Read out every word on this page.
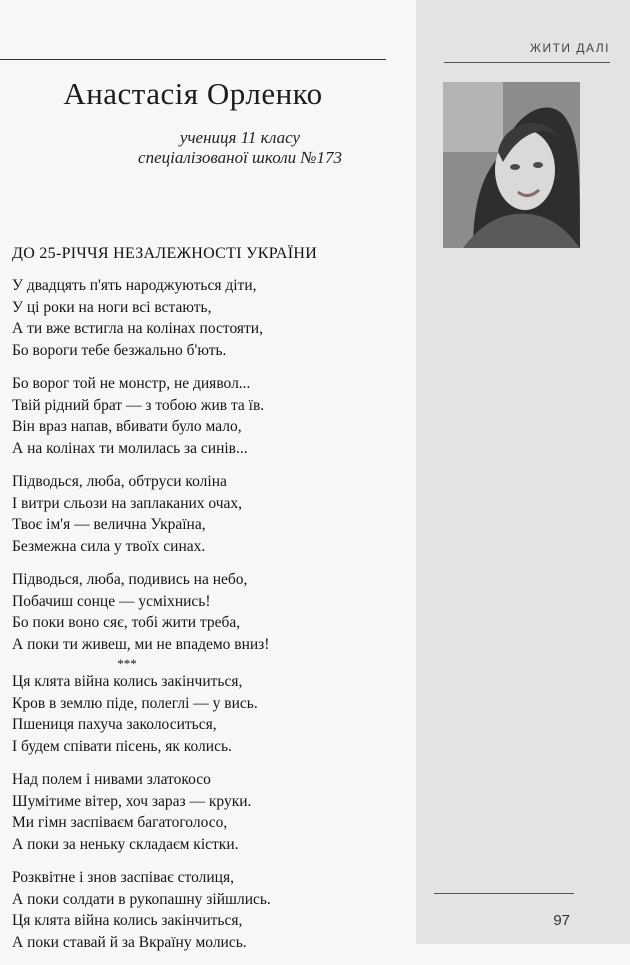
ЖИТИ ДАЛІ
Анастасія Орленко
учениця 11 класу
спеціалізованої школи №173
ДО 25-РІЧЧЯ НЕЗАЛЕЖНОСТІ УКРАЇНИ
У двадцять п'ять народжуються діти,
У ці роки на ноги всі встають,
А ти вже встигла на колінах постояти,
Бо вороги тебе безжально б'ють.
Бо ворог той не монстр, не диявол...
Твій рідний брат — з тобою жив та їв.
Він враз напав, вбивати було мало,
А на колінах ти молилась за синів...
Підводься, люба, обтруси коліна
І витри сльози на заплаканих очах,
Твоє ім'я — велична Україна,
Безмежна сила у твоїх синах.
Підводься, люба, подивись на небо,
Побачиш сонце — усміхнись!
Бо поки воно сяє, тобі жити треба,
А поки ти живеш, ми не впадемо вниз!
***
Ця клята війна колись закінчиться,
Кров в землю піде, полеглі — у вись.
Пшениця пахуча заколоситься,
І будем співати пісень, як колись.
Над полем і нивами златокосо
Шумітиме вітер, хоч зараз — круки.
Ми гімн заспіваєм багатоголосо,
А поки за неньку складаєм кістки.
Розквітне і знов заспіває столиця,
А поки солдати в рукопашну зійшлись.
Ця клята війна колись закінчиться,
А поки ставай й за Вкраїну молись.
97
